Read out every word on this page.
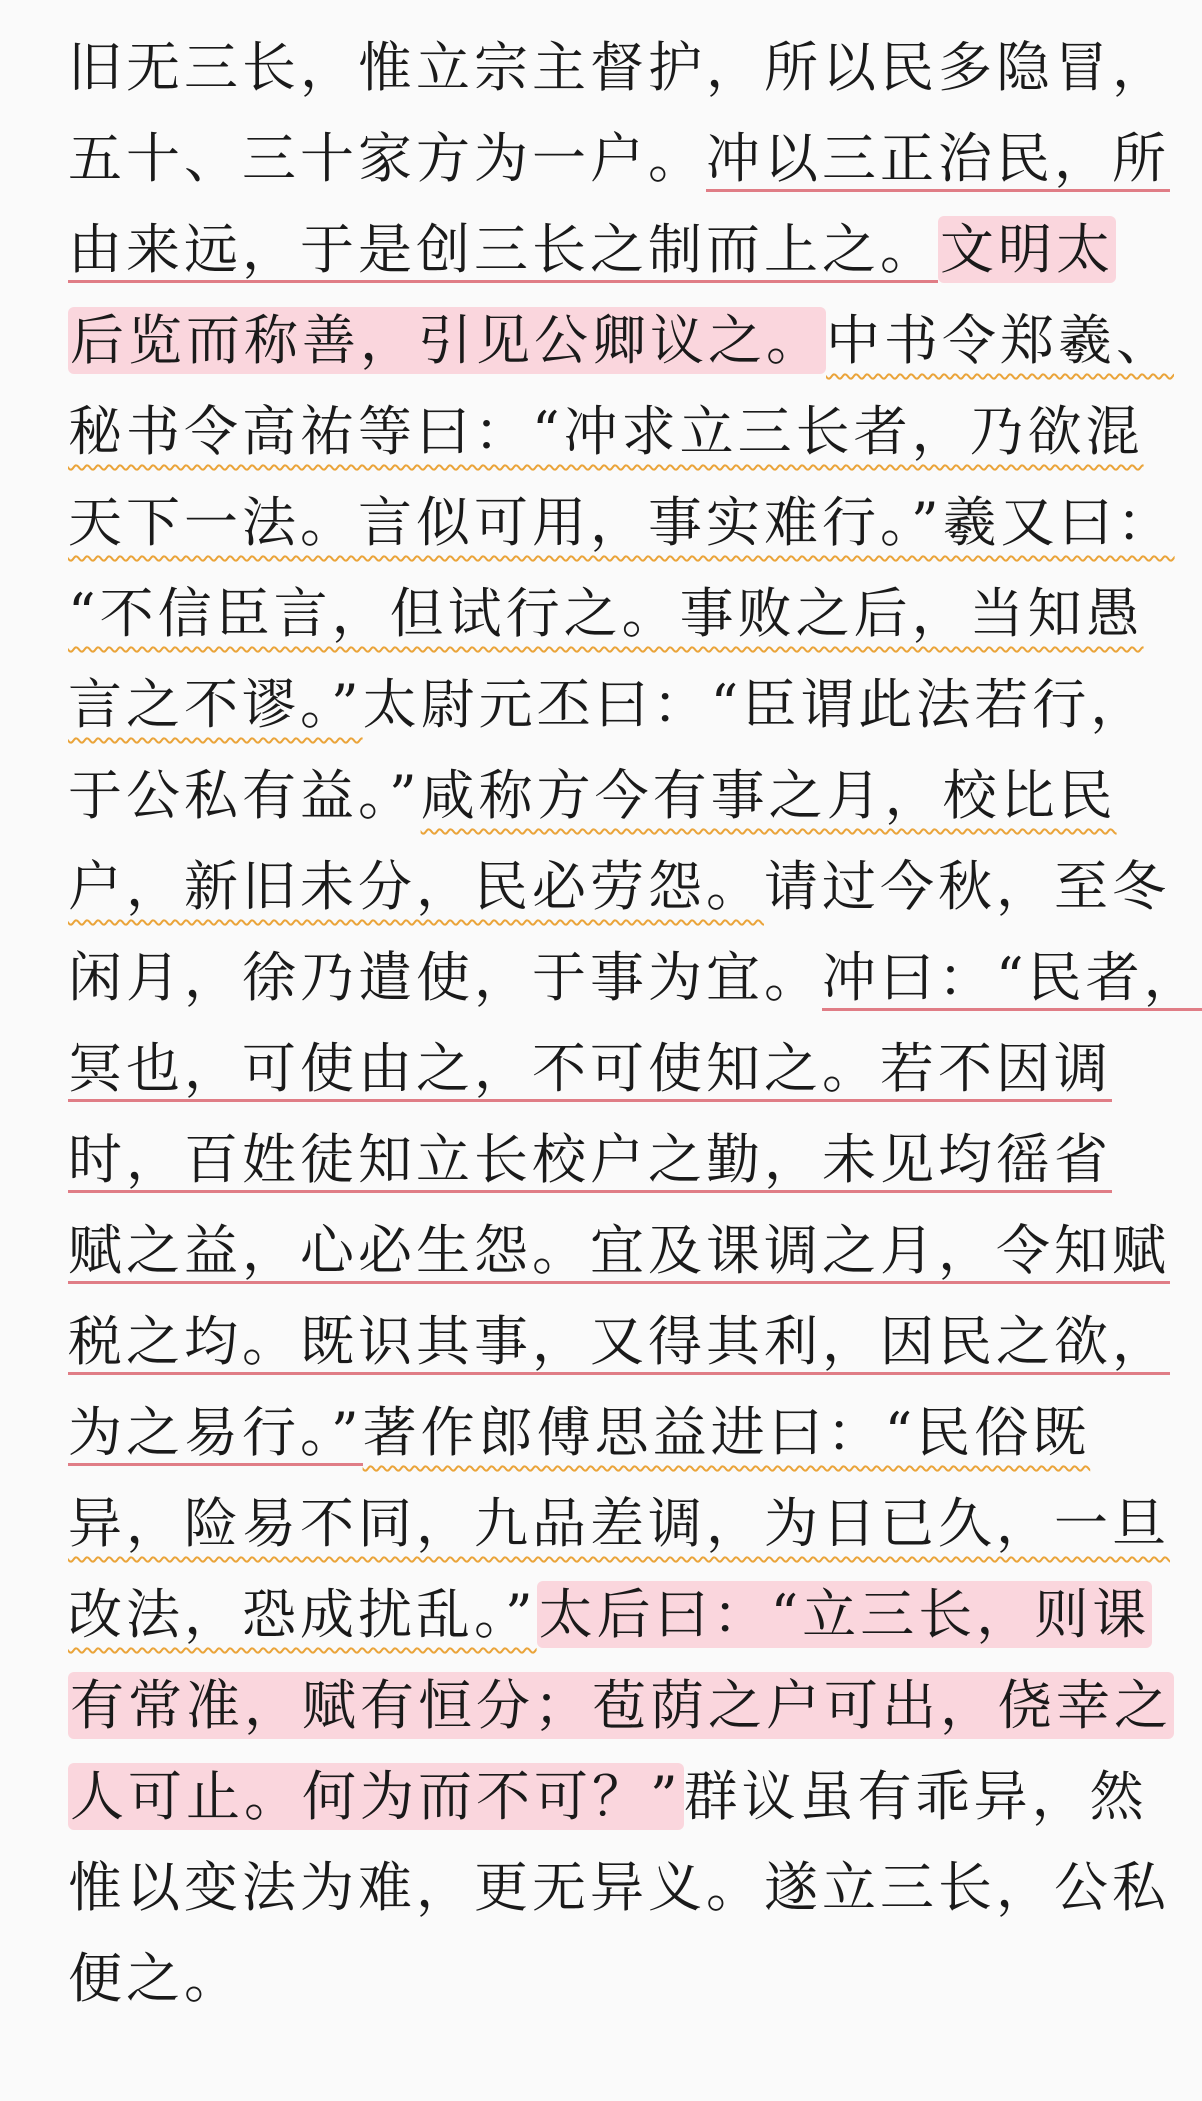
旧无三长，惟立宗主督护，所以民多隐冒，
五十、三十家方为一户。冲以三正治民，所
由来远，于是创三长之制而上之。文明太
后览而称善，引见公卿议之。中书令郑羲、
秘书令高祐等曰：“冲求立三长者，乃欲混
天下一法。言似可用，事实难行。”羲又曰：
“不信臣言，但试行之。事败之后，当知愚
言之不谬。”太尉元丕曰：“臣谓此法若行，
于公私有益。”咸称方今有事之月，校比民
户，新旧未分，民必劳怨。请过今秋，至冬
闲月，徐乃遣使，于事为宜。冲曰：“民者，
冥也，可使由之，不可使知之。若不因调
时，百姓徒知立长校户之勤，未见均徭省
赋之益，心必生怨。宜及课调之月，令知赋
税之均。既识其事，又得其利，因民之欲，
为之易行。”著作郎傅思益进曰：“民俗既
异，险易不同，九品差调，为日已久，一旦
改法，恐成扰乱。”太后曰：“立三长，则课
有常准，赋有恒分；苞荫之户可出，侥幸之
人可止。何为而不可？”群议虽有乖异，然
惟以变法为难，更无异义。遂立三长，公私
便之。
